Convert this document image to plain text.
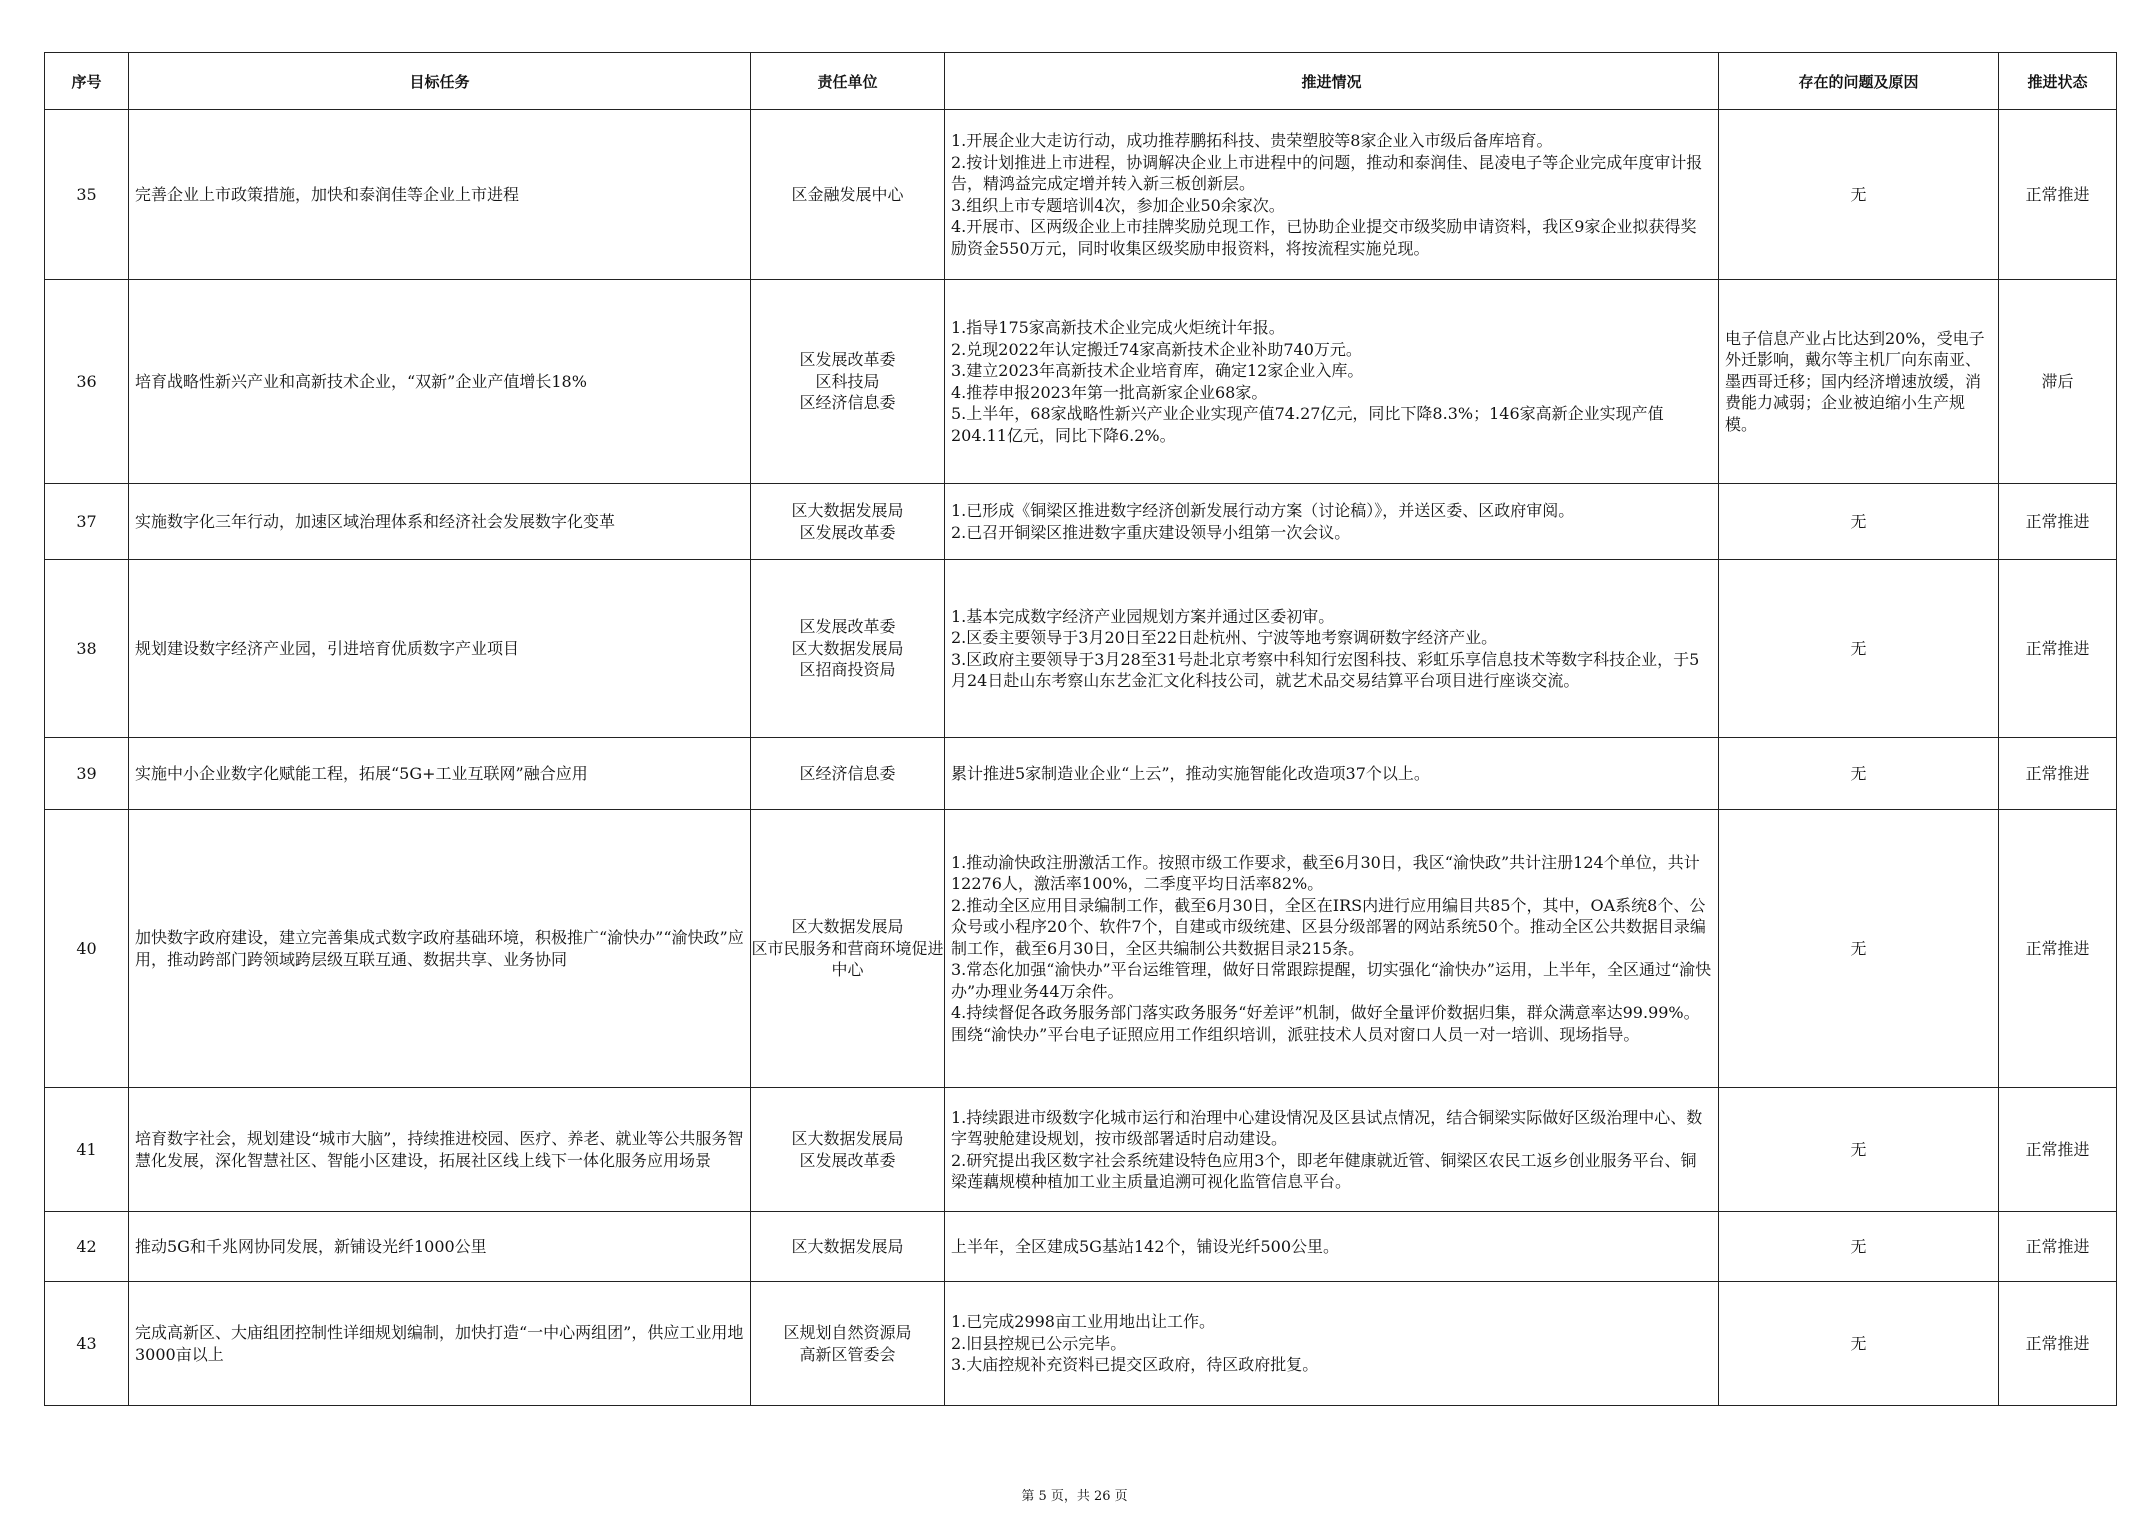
序号	目标任务	责任单位	推进情况	存在的问题及原因	推进状态
35	完善企业上市政策措施，加快和泰润佳等企业上市进程	区金融发展中心	1.开展企业大走访行动，成功推荐鹏拓科技、贵荣塑胶等8家企业入市级后备库培育。
2.按计划推进上市进程，协调解决企业上市进程中的问题，推动和泰润佳、昆凌电子等企业完成年度审计报告，精鸿益完成定增并转入新三板创新层。
3.组织上市专题培训4次，参加企业50余家次。
4.开展市、区两级企业上市挂牌奖励兑现工作，已协助企业提交市级奖励申请资料，我区9家企业拟获得奖励资金550万元，同时收集区级奖励申报资料，将按流程实施兑现。	无	正常推进
36	培育战略性新兴产业和高新技术企业，“双新”企业产值增长18%	区发展改革委
区科技局
区经济信息委	1.指导175家高新技术企业完成火炬统计年报。
2.兑现2022年认定搬迁74家高新技术企业补助740万元。
3.建立2023年高新技术企业培育库，确定12家企业入库。
4.推荐申报2023年第一批高新家企业68家。
5.上半年，68家战略性新兴产业企业实现产值74.27亿元，同比下降8.3%；146家高新企业实现产值204.11亿元，同比下降6.2%。	电子信息产业占比达到20%，受电子外迁影响，戴尔等主机厂向东南亚、墨西哥迁移；国内经济增速放缓，消费能力减弱；企业被迫缩小生产规模。	滞后
37	实施数字化三年行动，加速区域治理体系和经济社会发展数字化变革	区大数据发展局
区发展改革委	1.已形成《铜梁区推进数字经济创新发展行动方案（讨论稿）》，并送区委、区政府审阅。
2.已召开铜梁区推进数字重庆建设领导小组第一次会议。	无	正常推进
38	规划建设数字经济产业园，引进培育优质数字产业项目	区发展改革委
区大数据发展局
区招商投资局	1.基本完成数字经济产业园规划方案并通过区委初审。
2.区委主要领导于3月20日至22日赴杭州、宁波等地考察调研数字经济产业。
3.区政府主要领导于3月28至31号赴北京考察中科知行宏图科技、彩虹乐享信息技术等数字科技企业，于5月24日赴山东考察山东艺金汇文化科技公司，就艺术品交易结算平台项目进行座谈交流。	无	正常推进
39	实施中小企业数字化赋能工程，拓展“5G+工业互联网”融合应用	区经济信息委	累计推进5家制造业企业“上云”，推动实施智能化改造项37个以上。	无	正常推进
40	加快数字政府建设，建立完善集成式数字政府基础环境，积极推广“渝快办”“渝快政”应用，推动跨部门跨领域跨层级互联互通、数据共享、业务协同	区大数据发展局
区市民服务和营商环境促进中心	1.推动渝快政注册激活工作。按照市级工作要求，截至6月30日，我区“渝快政”共计注册124个单位，共计12276人，激活率100%，二季度平均日活率82%。
2.推动全区应用目录编制工作，截至6月30日，全区在IRS内进行应用编目共85个，其中，OA系统8个、公众号或小程序20个、软件7个，自建或市级统建、区县分级部署的网站系统50个。推动全区公共数据目录编制工作，截至6月30日，全区共编制公共数据目录215条。
3.常态化加强“渝快办”平台运维管理，做好日常跟踪提醒，切实强化“渝快办”运用，上半年，全区通过“渝快办”办理业务44万余件。
4.持续督促各政务服务部门落实政务服务“好差评”机制，做好全量评价数据归集，群众满意率达99.99%。围绕“渝快办”平台电子证照应用工作组织培训，派驻技术人员对窗口人员一对一培训、现场指导。	无	正常推进
41	培育数字社会，规划建设“城市大脑”，持续推进校园、医疗、养老、就业等公共服务智慧化发展，深化智慧社区、智能小区建设，拓展社区线上线下一体化服务应用场景	区大数据发展局
区发展改革委	1.持续跟进市级数字化城市运行和治理中心建设情况及区县试点情况，结合铜梁实际做好区级治理中心、数字驾驶舱建设规划，按市级部署适时启动建设。
2.研究提出我区数字社会系统建设特色应用3个，即老年健康就近管、铜梁区农民工返乡创业服务平台、铜梁莲藕规模种植加工业主质量追溯可视化监管信息平台。	无	正常推进
42	推动5G和千兆网协同发展，新铺设光纤1000公里	区大数据发展局	上半年，全区建成5G基站142个，铺设光纤500公里。	无	正常推进
43	完成高新区、大庙组团控制性详细规划编制，加快打造“一中心两组团”，供应工业用地3000亩以上	区规划自然资源局
高新区管委会	1.已完成2998亩工业用地出让工作。
2.旧县控规已公示完毕。
3.大庙控规补充资料已提交区政府，待区政府批复。	无	正常推进
第 5 页，共 26 页
